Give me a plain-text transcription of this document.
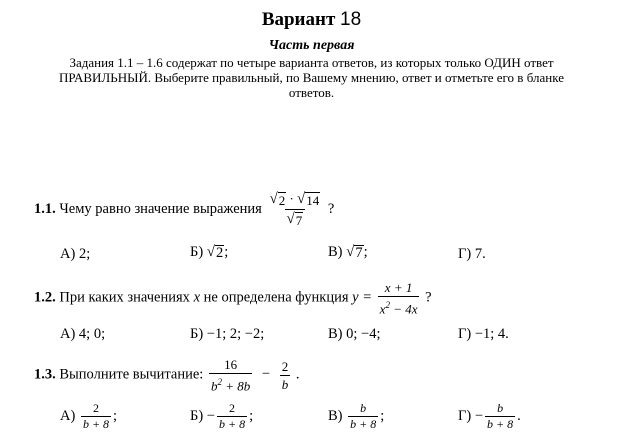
Вариант 18
Часть первая
Задания 1.1 – 1.6 содержат по четыре варианта ответов, из которых только ОДИН ответ ПРАВИЛЬНЫЙ. Выберите правильный, по Вашему мнению, ответ и отметьте его в бланке ответов.
1.1. Чему равно значение выражения $\frac{√ 2 \cdot √ 14}{√ 7}$ ?
А) 2;	Б) √ 2 ;	В) √ 7 ;	Г) 7.
1.2. При каких значениях x не определена функция $y = \frac{x + 1}{x^2 - 4x}$ ?
А) 4; 0;	Б) −1; 2; −2;	В) 0; −4;	Г) −1; 4.
1.3. Выполните вычитание: $\frac{16}{b^2 + 8b} - \frac{2}{b}$ .
$А) \frac{2}{b + 8}$ ;	$Б) - \frac{2}{b + 8}$ ;	$В) \frac{b}{b + 8}$ ;	$Г) - \frac{b}{b + 8}$ .
